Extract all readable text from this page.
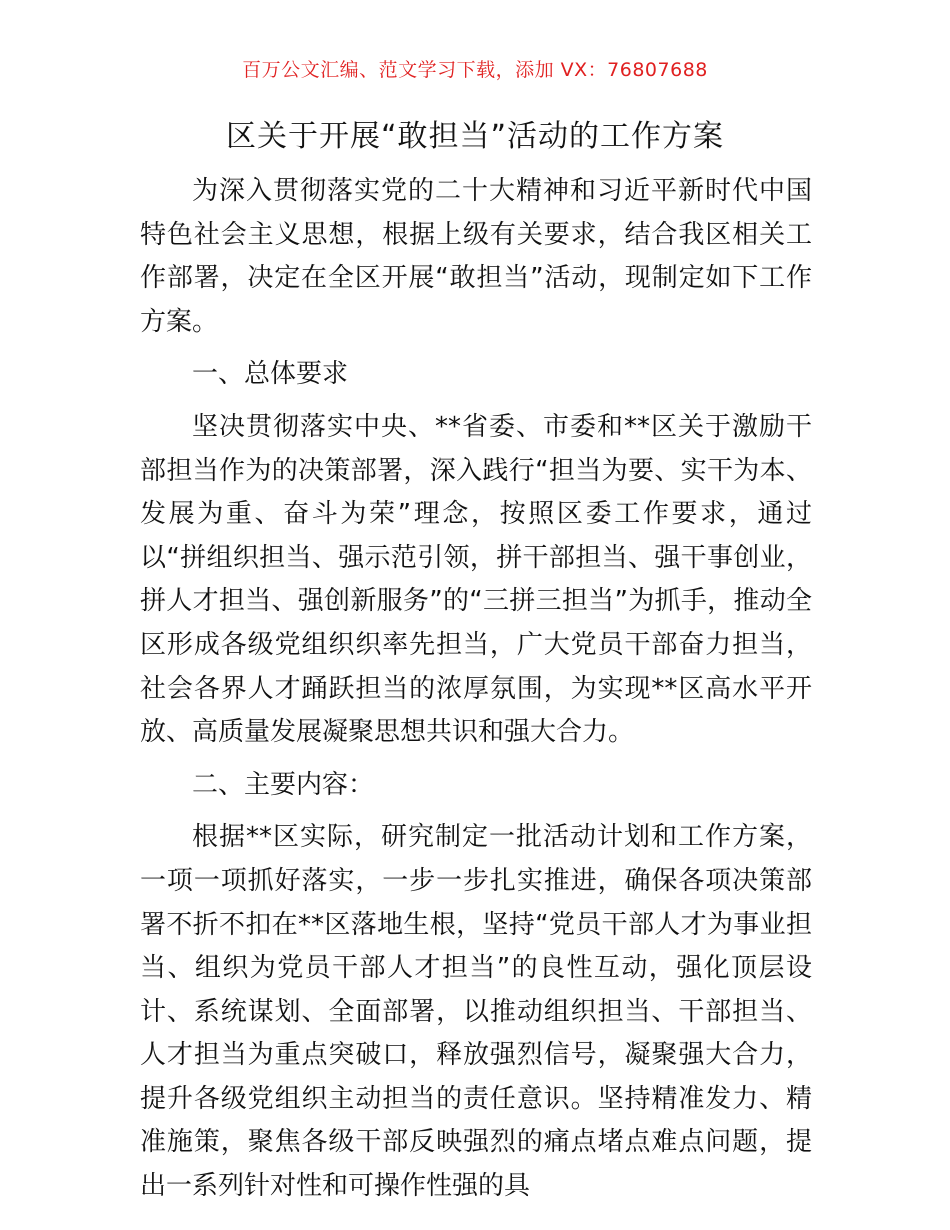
百万公文汇编、范文学习下载，添加 VX：76807688
区关于开展“敢担当”活动的工作方案

为深入贯彻落实党的二十大精神和习近平新时代中国特色社会主义思想，根据上级有关要求，结合我区相关工作部署，决定在全区开展“敢担当”活动，现制定如下工作方案。

一、总体要求

坚决贯彻落实中央、**省委、市委和**区关于激励干部担当作为的决策部署，深入践行“担当为要、实干为本、发展为重、奋斗为荣”理念，按照区委工作要求，通过以“拼组织担当、强示范引领，拼干部担当、强干事创业，拼人才担当、强创新服务”的“三拼三担当”为抓手，推动全区形成各级党组织织率先担当，广大党员干部奋力担当，社会各界人才踊跃担当的浓厚氛围，为实现**区高水平开放、高质量发展凝聚思想共识和强大合力。

二、主要内容：

根据**区实际，研究制定一批活动计划和工作方案，一项一项抓好落实，一步一步扎实推进，确保各项决策部署不折不扣在**区落地生根，坚持“党员干部人才为事业担当、组织为党员干部人才担当”的良性互动，强化顶层设计、系统谋划、全面部署，以推动组织担当、干部担当、人才担当为重点突破口，释放强烈信号，凝聚强大合力，提升各级党组织主动担当的责任意识。坚持精准发力、精准施策，聚焦各级干部反映强烈的痛点堵点难点问题，提出一系列针对性和可操作性强的具
